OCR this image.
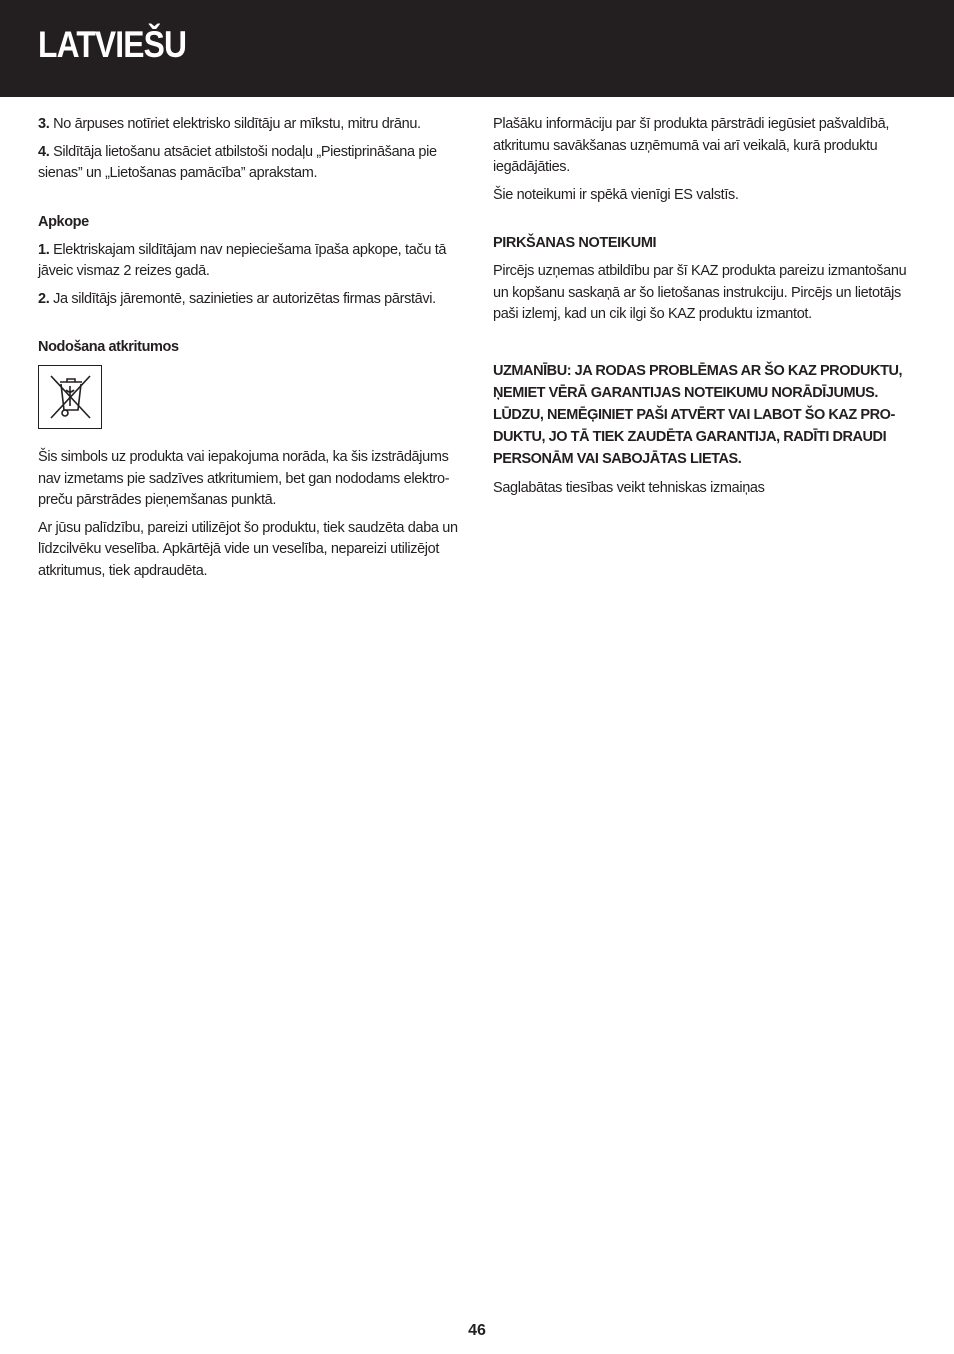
LATVIEŠU

3. No ārpuses notīriet elektrisko sildītāju ar mīkstu, mitru drānu.

4. Sildītāja lietošanu atsāciet atbilstoši nodaļu „Piestiprināšana pie sienas” un „Lietošanas pamācība” aprakstam.

Apkope

1. Elektriskajam sildītājam nav nepieciešama īpaša apkope, taču tā jāveic vismaz 2 reizes gadā.

2. Ja sildītājs jāremontē, sazinieties ar autorizētas firmas pārstāvi.

Nodošana atkritumos

Šis simbols uz produkta vai iepakojuma norāda, ka šis izstrādājums nav izmetams pie sadzīves atkritumiem, bet gan nododams elektro-preču pārstrādes pieņemšanas punktā.

Ar jūsu palīdzību, pareizi utilizējot šo produktu, tiek saudzēta daba un līdzcilvēku veselība. Apkārtējā vide un veselība, nepareizi utilizējot atkritumus, tiek apdraudēta.

Plašāku informāciju par šī produkta pārstrādi iegūsiet pašvaldībā, atkritumu savākšanas uzņēmumā vai arī veikalā, kurā produktu iegādājāties.

Šie noteikumi ir spēkā vienīgi ES valstīs.

PIRKŠANAS NOTEIKUMI

Pircējs uzņemas atbildību par šī KAZ produkta pareizu izmantošanu un kopšanu saskaņā ar šo lietošanas instrukciju. Pircējs un lietotājs paši izlemj, kad un cik ilgi šo KAZ produktu izmantot.

UZMANĪBU: JA RODAS PROBLĒMAS AR ŠO KAZ PRODUKTU, ŅEMIET VĒRĀ GARANTIJAS NOTEIKUMU NORĀDĪJUMUS. LŪDZU, NEMĒĢINIET PAŠI ATVĒRT VAI LABOT ŠO KAZ PRO-DUKTU, JO TĀ TIEK ZAUDĒTA GARANTIJA, RADĪTI DRAUDI PERSONĀM VAI SABOJĀTAS LIETAS.

Saglabātas tiesības veikt tehniskas izmaiņas

46
